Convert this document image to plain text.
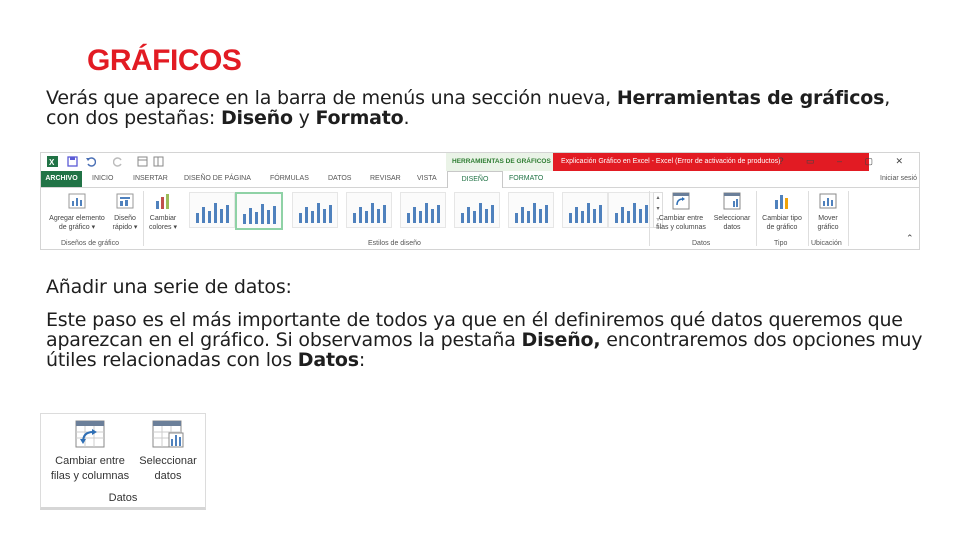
GRÁFICOS
Verás que aparece en la barra de menús una sección nueva, Herramientas de gráficos, con dos pestañas: Diseño y Formato.
X	HERRAMIENTAS DE GRÁFICOS Explicación Gráfico en Excel - Excel (Error de activación de productos)
? ▭ – ▢ ✕
ARCHIVO	INICIO	INSERTAR DISEÑO DE PÁGINA	FÓRMULAS	DATOS	REVISAR VISTA	DISEÑO	FORMATO	Iniciar sesió
Agregar elemento
de gráfico ▾
Diseño
rápido ▾
Diseños de gráfico
Cambiar
colores ▾
▴
▾
▿
Estilos de diseño
Cambiar entre
filas y columnas
Seleccionar
datos
Datos
Cambiar tipo
de gráfico
Tipo
Mover
gráfico
Ubicación
⌃
Añadir una serie de datos:
Este paso es el más importante de todos ya que en él definiremos qué datos queremos que aparezcan en el gráfico. Si observamos la pestaña Diseño, encontraremos dos opciones muy útiles relacionadas con los Datos:
Cambiar entre
filas y columnas
Seleccionar
datos
Datos
